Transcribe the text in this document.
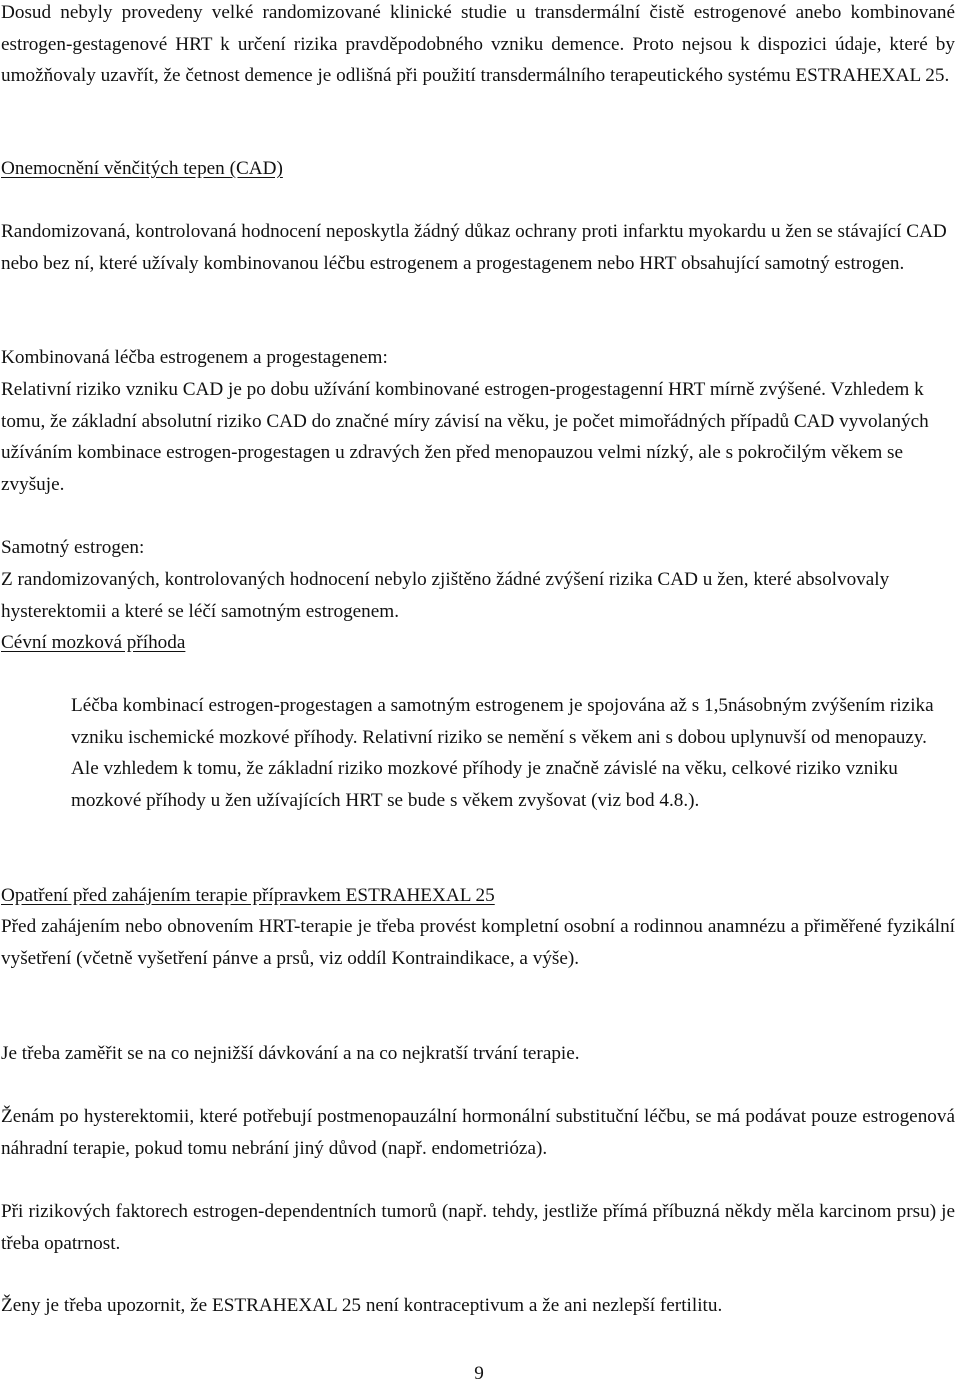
Dosud nebyly provedeny velké randomizované klinické studie u transdermální čistě estrogenové anebo kombinované estrogen-gestagenové HRT k určení rizika pravděpodobného vzniku demence. Proto nejsou k dispozici údaje, které by umožňovaly uzavřít, že četnost demence je odlišná při použití transdermálního terapeutického systému ESTRAHEXAL 25.

Onemocnění věnčitých tepen (CAD)

Randomizovaná, kontrolovaná hodnocení neposkytla žádný důkaz ochrany proti infarktu myokardu u žen se stávající CAD nebo bez ní, které užívaly kombinovanou léčbu estrogenem a progestagenem nebo HRT obsahující samotný estrogen.

Kombinovaná léčba estrogenem a progestagenem:

Relativní riziko vzniku CAD je po dobu užívání kombinované estrogen-progestagenní HRT mírně zvýšené. Vzhledem k tomu, že základní absolutní riziko CAD do značné míry závisí na věku, je počet mimořádných případů CAD vyvolaných užíváním kombinace estrogen-progestagen u zdravých žen před menopauzou velmi nízký, ale s pokročilým věkem se zvyšuje.

Samotný estrogen:

Z randomizovaných, kontrolovaných hodnocení nebylo zjištěno žádné zvýšení rizika CAD u žen, které absolvovaly hysterektomii a které se léčí samotným estrogenem.

Cévní mozková příhoda

Léčba kombinací estrogen-progestagen a samotným estrogenem je spojována až s 1,5násobným zvýšením rizika vzniku ischemické mozkové příhody. Relativní riziko se nemění s věkem ani s dobou uplynuvší od menopauzy. Ale vzhledem k tomu, že základní riziko mozkové příhody je značně závislé na věku, celkové riziko vzniku mozkové příhody u žen užívajících HRT se bude s věkem zvyšovat (viz bod 4.8.).

Opatření před zahájením terapie přípravkem ESTRAHEXAL 25

Před zahájením nebo obnovením HRT-terapie je třeba provést kompletní osobní a rodinnou anamnézu a přiměřené fyzikální vyšetření (včetně vyšetření pánve a prsů, viz oddíl Kontraindikace, a výše).

Je třeba zaměřit se na co nejnižší dávkování a na co nejkratší trvání terapie.

Ženám po hysterektomii, které potřebují postmenopauzální hormonální substituční léčbu, se má podávat pouze estrogenová náhradní terapie, pokud tomu nebrání jiný důvod (např. endometrióza).

Při rizikových faktorech estrogen-dependentních tumorů (např. tehdy, jestliže přímá příbuzná někdy měla karcinom prsu) je třeba opatrnost.

Ženy je třeba upozornit, že ESTRAHEXAL 25 není kontraceptivum a že ani nezlepší fertilitu.

9
